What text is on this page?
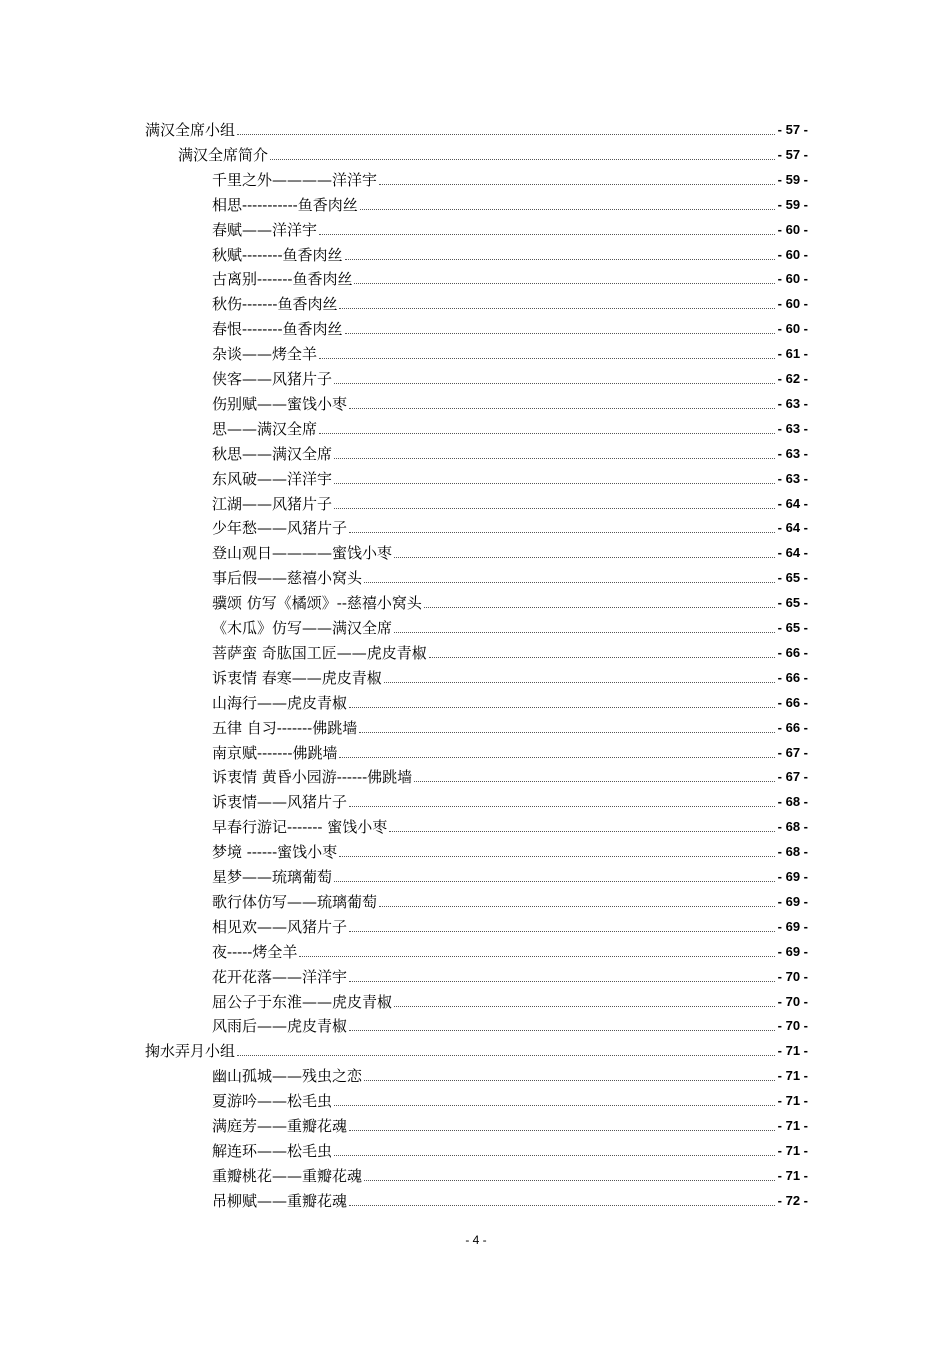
满汉全席小组	- 57 -
满汉全席简介	- 57 -
千里之外————洋洋宇	- 59 -
相思-----------鱼香肉丝	- 59 -
春赋——洋洋宇	- 60 -
秋赋--------鱼香肉丝	- 60 -
古离别-------鱼香肉丝	- 60 -
秋伤-------鱼香肉丝	- 60 -
春恨--------鱼香肉丝	- 60 -
杂谈——烤全羊	- 61 -
侠客——风猪片子	- 62 -
伤别赋——蜜饯小枣	- 63 -
思——满汉全席	- 63 -
秋思——满汉全席	- 63 -
东风破——洋洋宇	- 63 -
江湖——风猪片子	- 64 -
少年愁——风猪片子	- 64 -
登山观日————蜜饯小枣	- 64 -
事后假——慈禧小窝头	- 65 -
骥颂 仿写《橘颂》--慈禧小窝头	- 65 -
《木瓜》仿写——满汉全席	- 65 -
菩萨蛮 奇肱国工匠——虎皮青椒	- 66 -
诉衷情 春寒——虎皮青椒	- 66 -
山海行——虎皮青椒	- 66 -
五律 自习-------佛跳墙	- 66 -
南京赋-------佛跳墙	- 67 -
诉衷情 黄昏小园游------佛跳墙	- 67 -
诉衷情——风猪片子	- 68 -
早春行游记------- 蜜饯小枣	- 68 -
梦境 ------蜜饯小枣	- 68 -
星梦——琉璃葡萄	- 69 -
歌行体仿写——琉璃葡萄	- 69 -
相见欢——风猪片子	- 69 -
夜-----烤全羊	- 69 -
花开花落——洋洋宇	- 70 -
屈公子于东淮——虎皮青椒	- 70 -
风雨后——虎皮青椒	- 70 -
掬水弄月小组	- 71 -
幽山孤城——残虫之恋	- 71 -
夏游吟——松毛虫	- 71 -
满庭芳——重瓣花魂	- 71 -
解连环——松毛虫	- 71 -
重瓣桃花——重瓣花魂	- 71 -
吊柳赋——重瓣花魂	- 72 -
- 4 -
